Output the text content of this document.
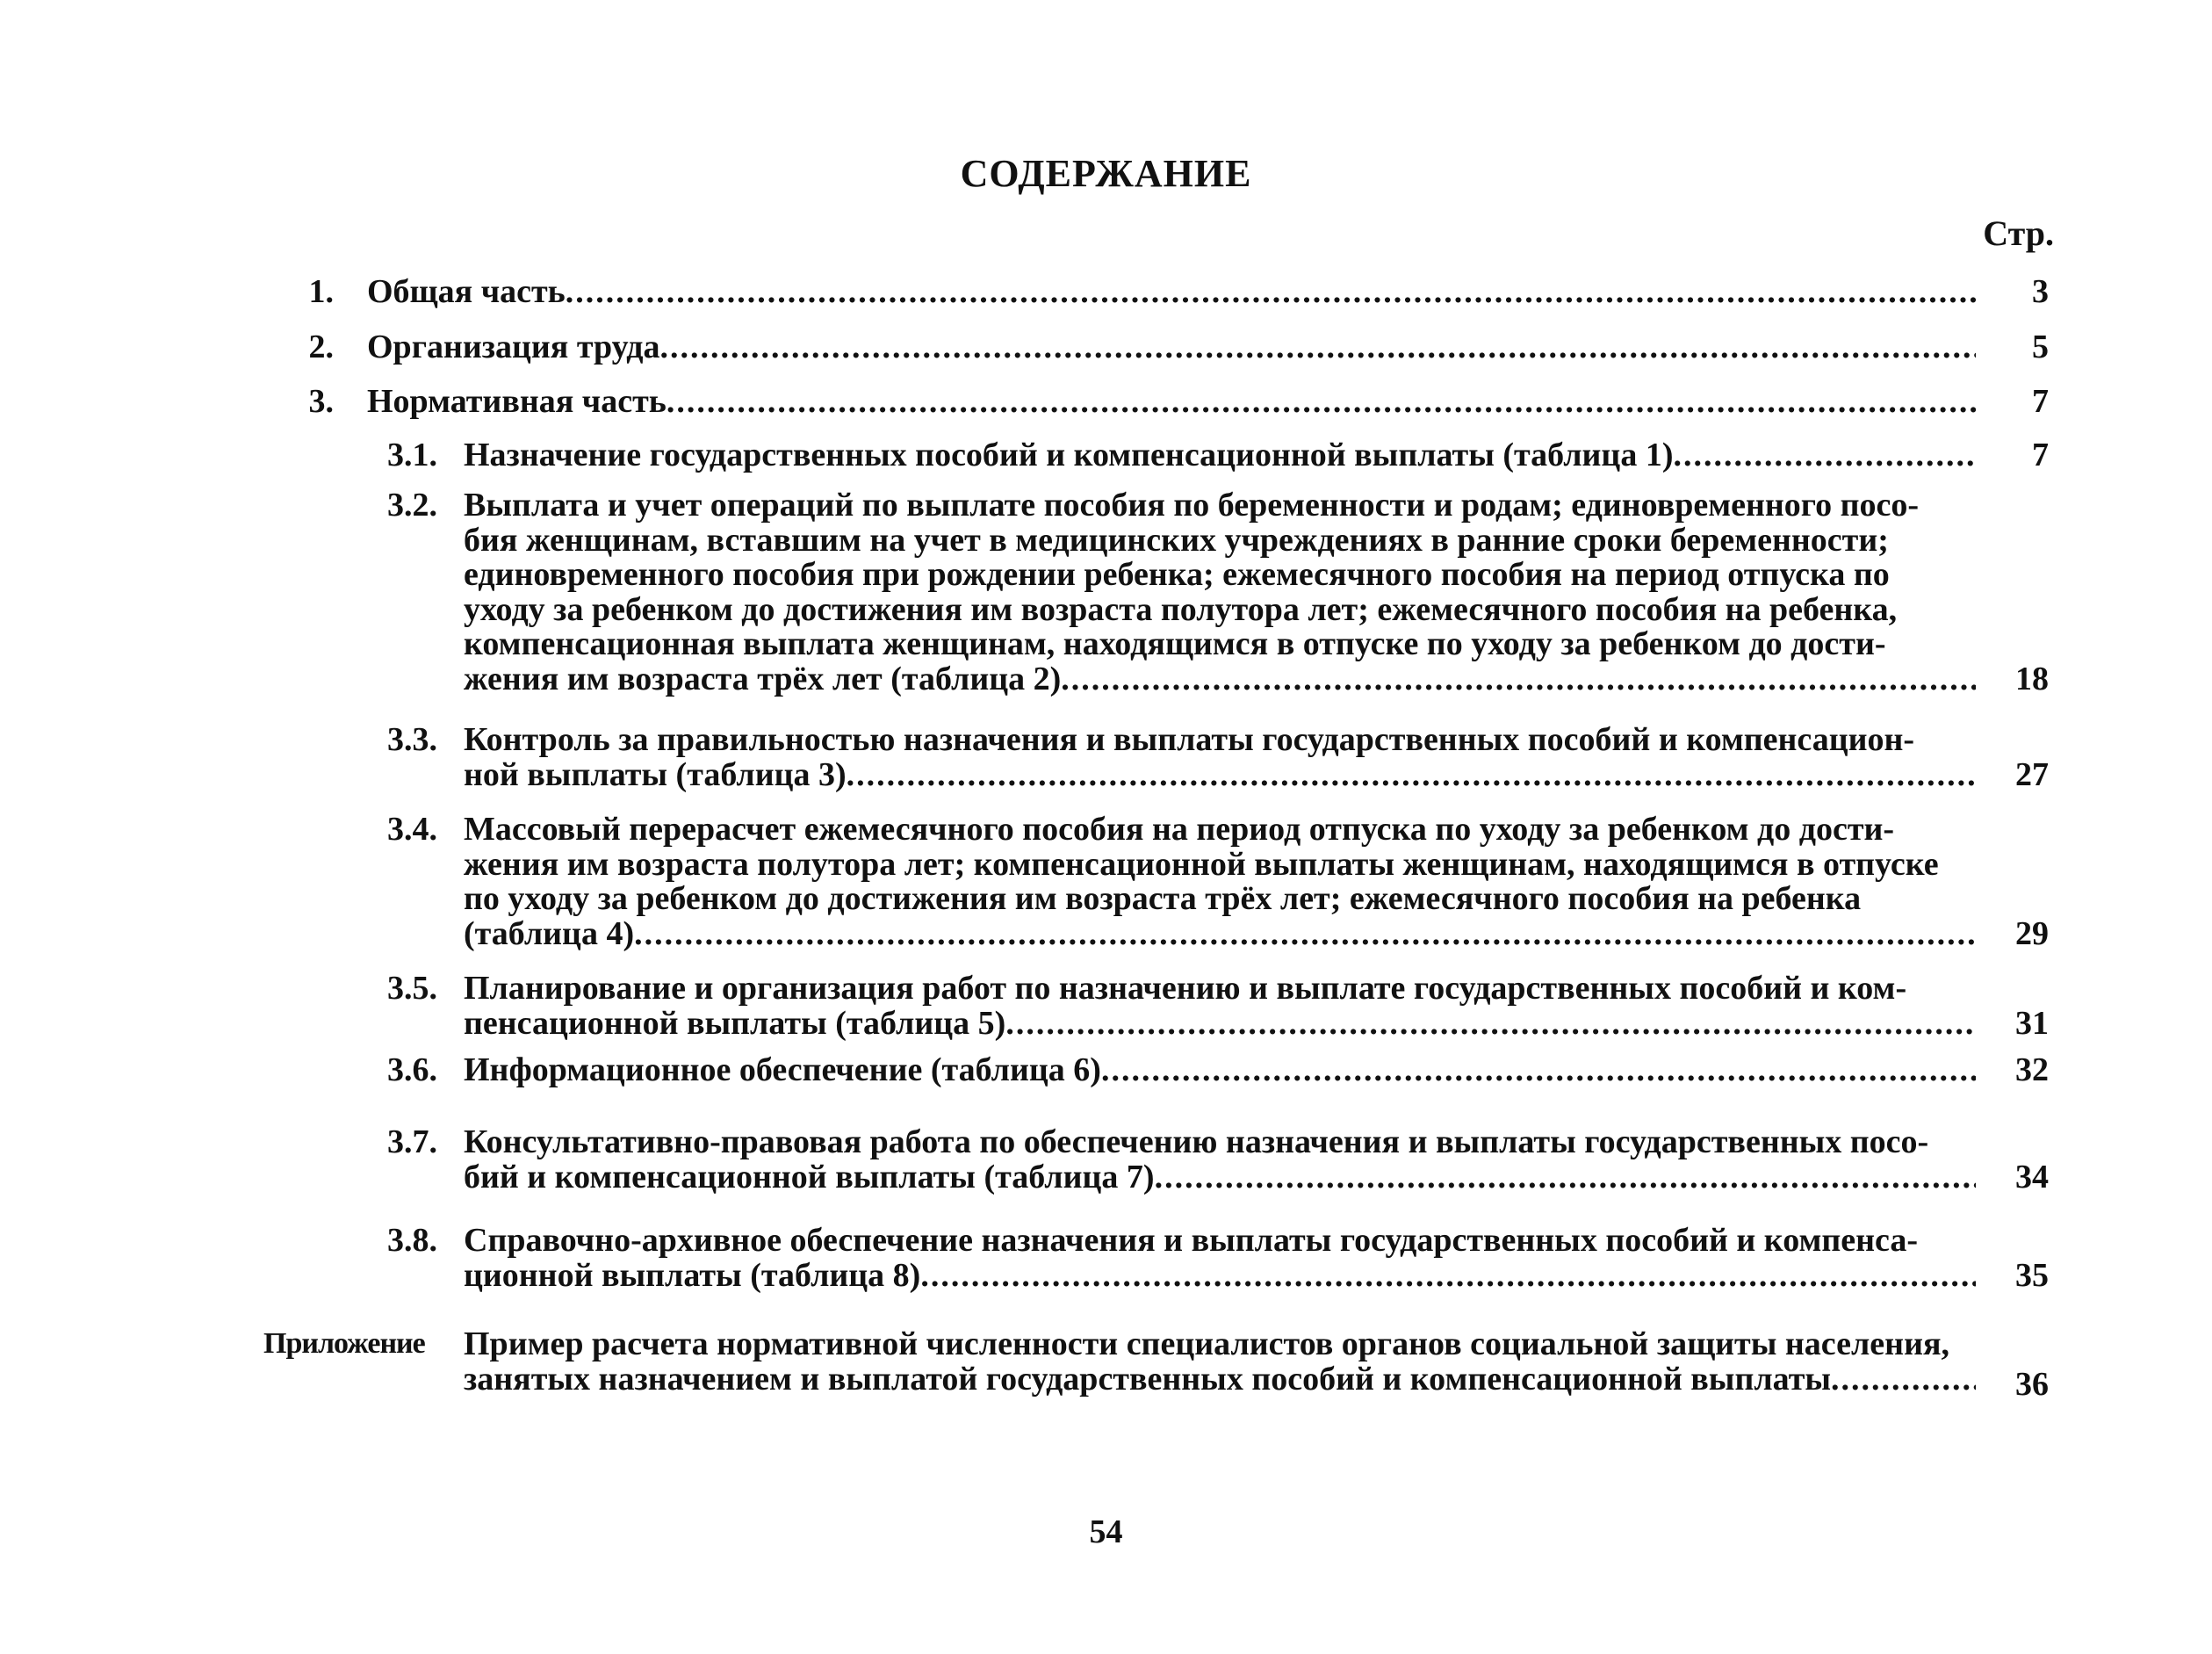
СОДЕРЖАНИЕ
Стр.
1. Общая часть .....	3
2. Организация труда .....	5
3. Нормативная часть .....	7
3.1. Назначение государственных пособий и компенсационной выплаты (таблица 1) .....	7
3.2. Выплата и учет операций по выплате пособия по беременности и родам; единовременного посо-
бия женщинам, вставшим на учет в медицинских учреждениях в ранние сроки беременности;
единовременного пособия при рождении ребенка; ежемесячного пособия на период отпуска по
уходу за ребенком до достижения им возраста полутора лет; ежемесячного пособия на ребенка,
компенсационная выплата женщинам, находящимся в отпуске по уходу за ребенком до дости-
жения им возраста трёх лет (таблица 2) .....	18
3.3. Контроль за правильностью назначения и выплаты государственных пособий и компенсацион-
ной выплаты (таблица 3) .....	27
3.4. Массовый перерасчет ежемесячного пособия на период отпуска по уходу за ребенком до дости-
жения им возраста полутора лет; компенсационной выплаты женщинам, находящимся в отпуске
по уходу за ребенком до достижения им возраста трёх лет; ежемесячного пособия на ребенка
(таблица 4) .....	29
3.5. Планирование и организация работ по назначению и выплате государственных пособий и ком-
пенсационной выплаты (таблица 5) .....	31
3.6. Информационное обеспечение (таблица 6) .....	32
3.7. Консультативно-правовая работа по обеспечению назначения и выплаты государственных посо-
бий и компенсационной выплаты (таблица 7) .....	34
3.8. Справочно-архивное обеспечение назначения и выплаты государственных пособий и компенса-
ционной выплаты (таблица 8) .....	35
Приложение	Пример расчета нормативной численности специалистов органов социальной защиты населения,
занятых назначением и выплатой государственных пособий и компенсационной выплаты .....	36
54
